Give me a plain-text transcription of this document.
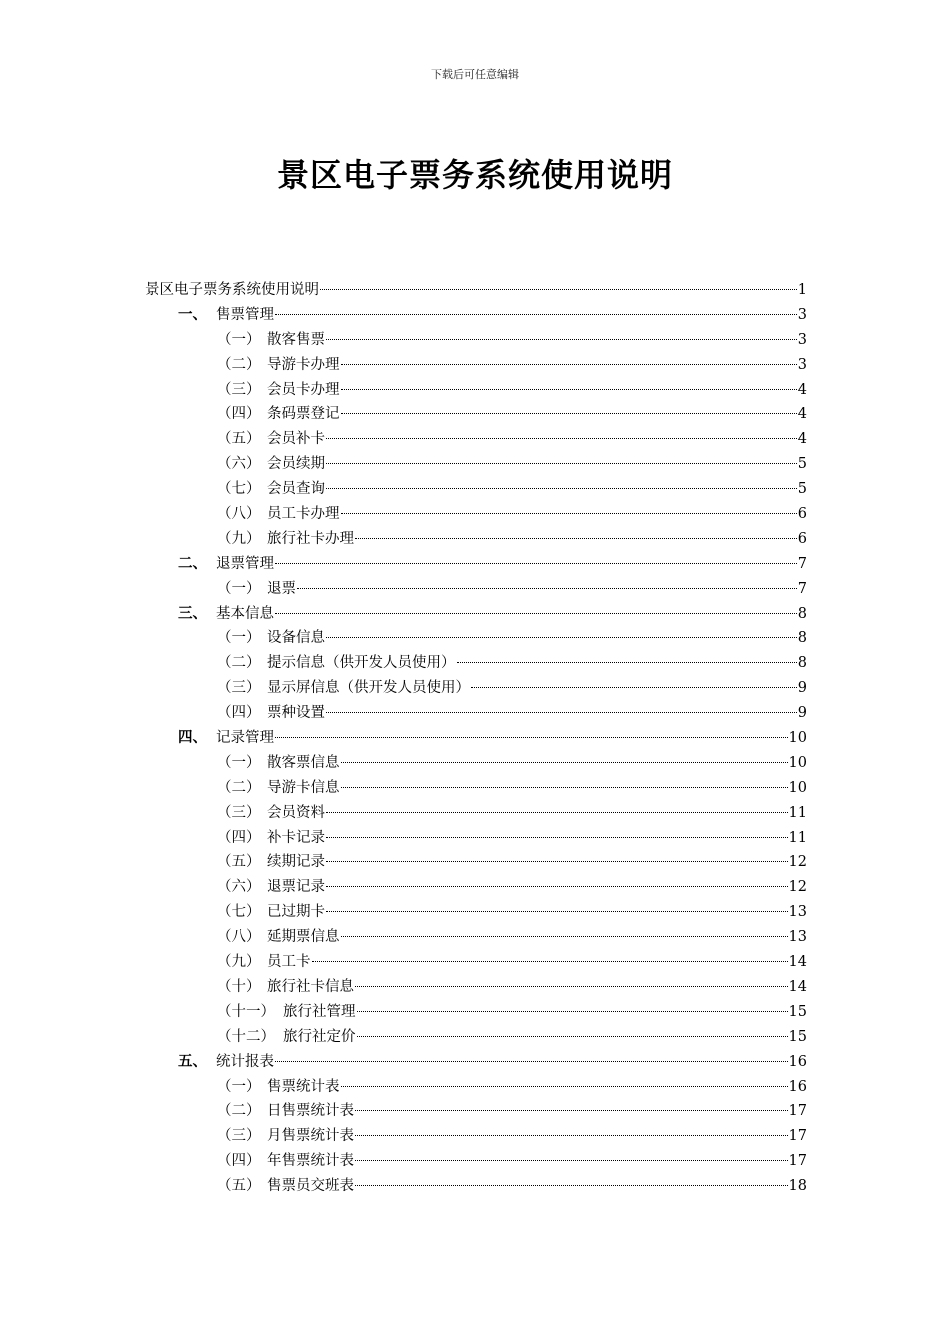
下载后可任意编辑
景区电子票务系统使用说明
景区电子票务系统使用说明	1
一、 售票管理	3
（一） 散客售票	3
（二） 导游卡办理	3
（三） 会员卡办理	4
（四） 条码票登记	4
（五） 会员补卡	4
（六） 会员续期	5
（七） 会员查询	5
（八） 员工卡办理	6
（九） 旅行社卡办理	6
二、 退票管理	7
（一） 退票	7
三、 基本信息	8
（一） 设备信息	8
（二） 提示信息（供开发人员使用）	8
（三） 显示屏信息（供开发人员使用）	9
（四） 票种设置	9
四、 记录管理	10
（一） 散客票信息	10
（二） 导游卡信息	10
（三） 会员资料	11
（四） 补卡记录	11
（五） 续期记录	12
（六） 退票记录	12
（七） 已过期卡	13
（八） 延期票信息	13
（九） 员工卡	14
（十） 旅行社卡信息	14
（十一） 旅行社管理	15
（十二） 旅行社定价	15
五、 统计报表	16
（一） 售票统计表	16
（二） 日售票统计表	17
（三） 月售票统计表	17
（四） 年售票统计表	17
（五） 售票员交班表	18
